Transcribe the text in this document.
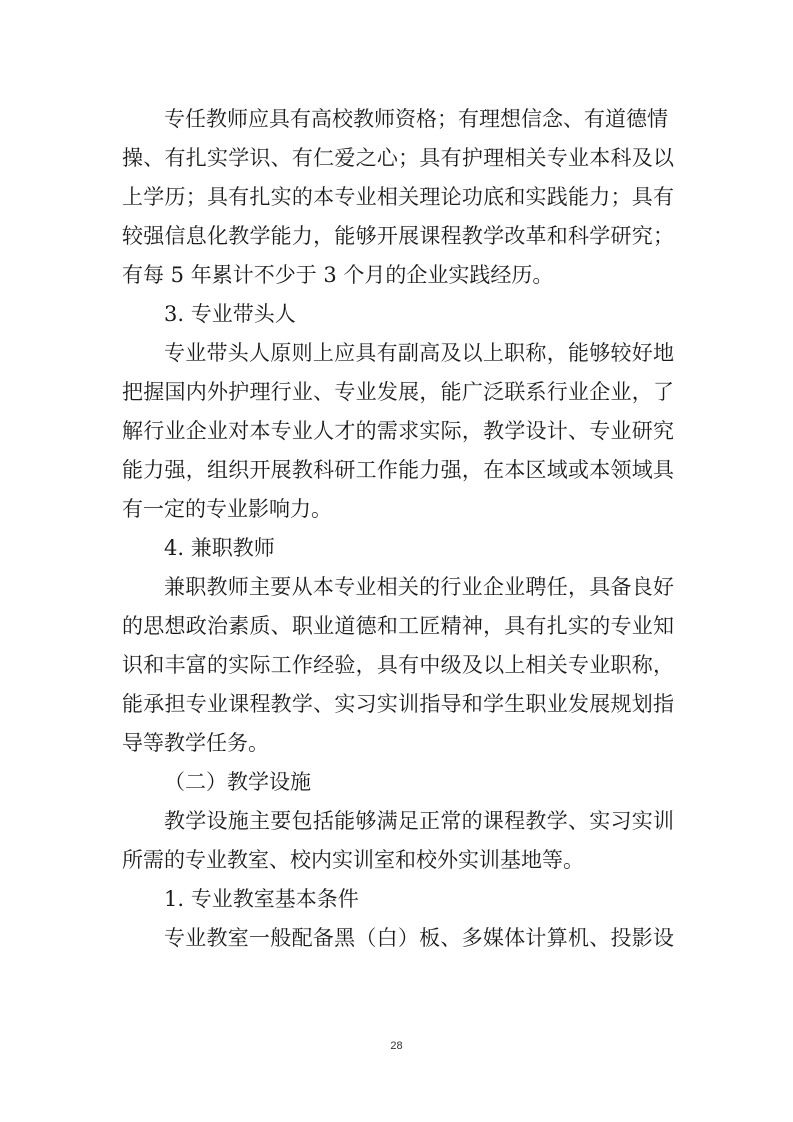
专任教师应具有高校教师资格；有理想信念、有道德情
操、有扎实学识、有仁爱之心；具有护理相关专业本科及以
上学历；具有扎实的本专业相关理论功底和实践能力；具有
较强信息化教学能力，能够开展课程教学改革和科学研究；
有每 5 年累计不少于 3 个月的企业实践经历。
3. 专业带头人
专业带头人原则上应具有副高及以上职称，能够较好地
把握国内外护理行业、专业发展，能广泛联系行业企业，了
解行业企业对本专业人才的需求实际，教学设计、专业研究
能力强，组织开展教科研工作能力强，在本区域或本领域具
有一定的专业影响力。
4. 兼职教师
兼职教师主要从本专业相关的行业企业聘任，具备良好
的思想政治素质、职业道德和工匠精神，具有扎实的专业知
识和丰富的实际工作经验，具有中级及以上相关专业职称，
能承担专业课程教学、实习实训指导和学生职业发展规划指
导等教学任务。
（二）教学设施
教学设施主要包括能够满足正常的课程教学、实习实训
所需的专业教室、校内实训室和校外实训基地等。
1. 专业教室基本条件
专业教室一般配备黑（白）板、多媒体计算机、投影设
28
